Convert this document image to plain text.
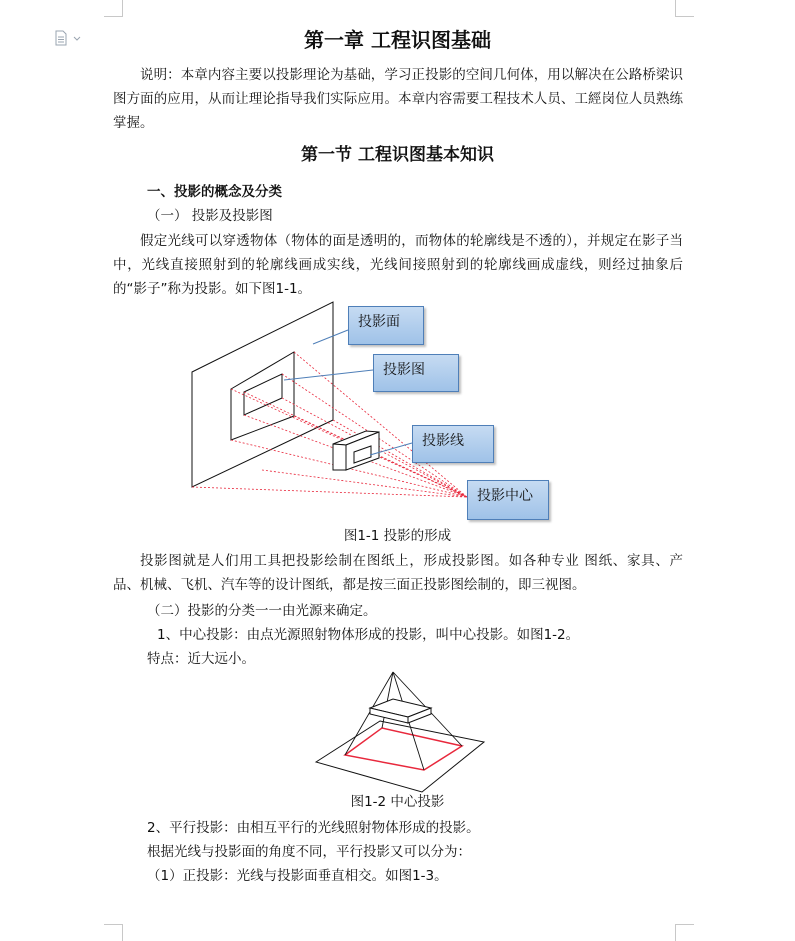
第一章 工程识图基础
说明：本章内容主要以投影理论为基础，学习正投影的空间几何体，用以解决在公路桥梁识图方面的应用，从而让理论指导我们实际应用。本章内容需要工程技术人员、工經岗位人员熟练掌握。
第一节 工程识图基本知识
一、投影的概念及分类
（一） 投影及投影图
假定光线可以穿透物体（物体的面是透明的，而物体的轮廓线是不透的），并规定在影子当中，光线直接照射到的轮廓线画成实线，光线间接照射到的轮廓线画成虚线，则经过抽象后的“影子”称为投影。如下图1-1。
投影面
投影图
投影线
投影中心
图1-1 投影的形成
投影图就是人们用工具把投影绘制在图纸上，形成投影图。如各种专业 图纸、家具、产品、机械、飞机、汽车等的设计图纸，都是按三面正投影图绘制的，即三视图。
（二）投影的分类一一由光源来确定。
1、中心投影：由点光源照射物体形成的投影，叫中心投影。如图1-2。
特点：近大远小。
图1-2 中心投影
2、平行投影：由相互平行的光线照射物体形成的投影。
根据光线与投影面的角度不同，平行投影又可以分为：
（1）正投影：光线与投影面垂直相交。如图1-3。
